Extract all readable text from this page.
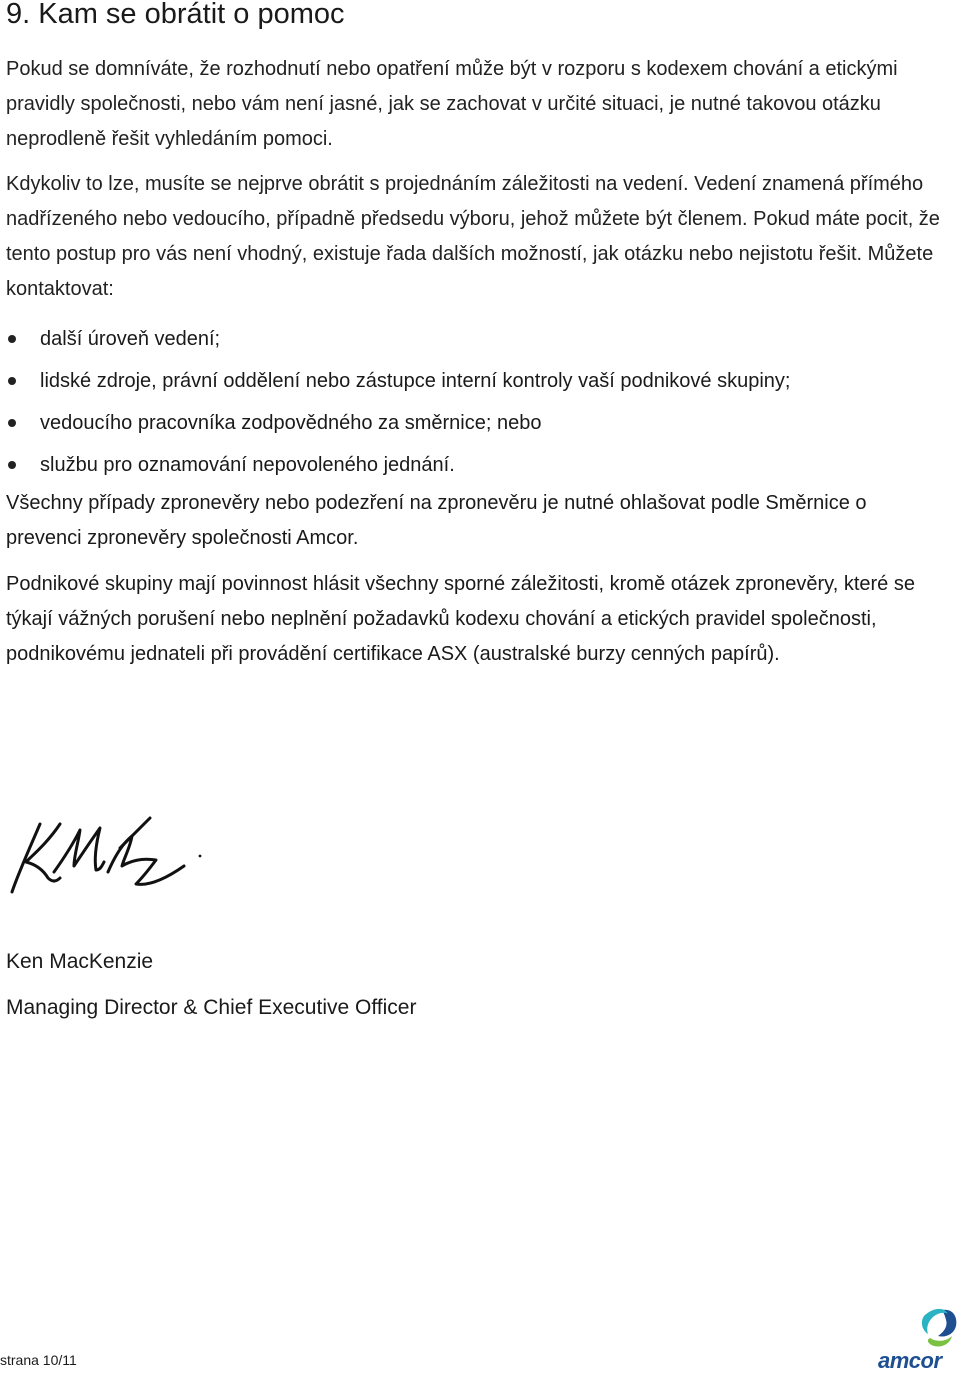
9. Kam se obrátit o pomoc

Pokud se domníváte, že rozhodnutí nebo opatření může být v rozporu s kodexem chování a etickými pravidly společnosti, nebo vám není jasné, jak se zachovat v určité situaci, je nutné takovou otázku neprodleně řešit vyhledáním pomoci.

Kdykoliv to lze, musíte se nejprve obrátit s projednáním záležitosti na vedení. Vedení znamená přímého nadřízeného nebo vedoucího, případně předsedu výboru, jehož můžete být členem. Pokud máte pocit, že tento postup pro vás není vhodný, existuje řada dalších možností, jak otázku nebo nejistotu řešit. Můžete kontaktovat:

další úroveň vedení;
lidské zdroje, právní oddělení nebo zástupce interní kontroly vaší podnikové skupiny;
vedoucího pracovníka zodpovědného za směrnice; nebo
službu pro oznamování nepovoleného jednání.

Všechny případy zpronevěry nebo podezření na zpronevěru je nutné ohlašovat podle Směrnice o prevenci zpronevěry společnosti Amcor.

Podnikové skupiny mají povinnost hlásit všechny sporné záležitosti, kromě otázek zpronevěry, které se týkají vážných porušení nebo neplnění požadavků kodexu chování a etických pravidel společnosti, podnikovému jednateli při provádění certifikace ASX (australské burzy cenných papírů).

Ken MacKenzie

Managing Director & Chief Executive Officer

strana 10/11	amcor
